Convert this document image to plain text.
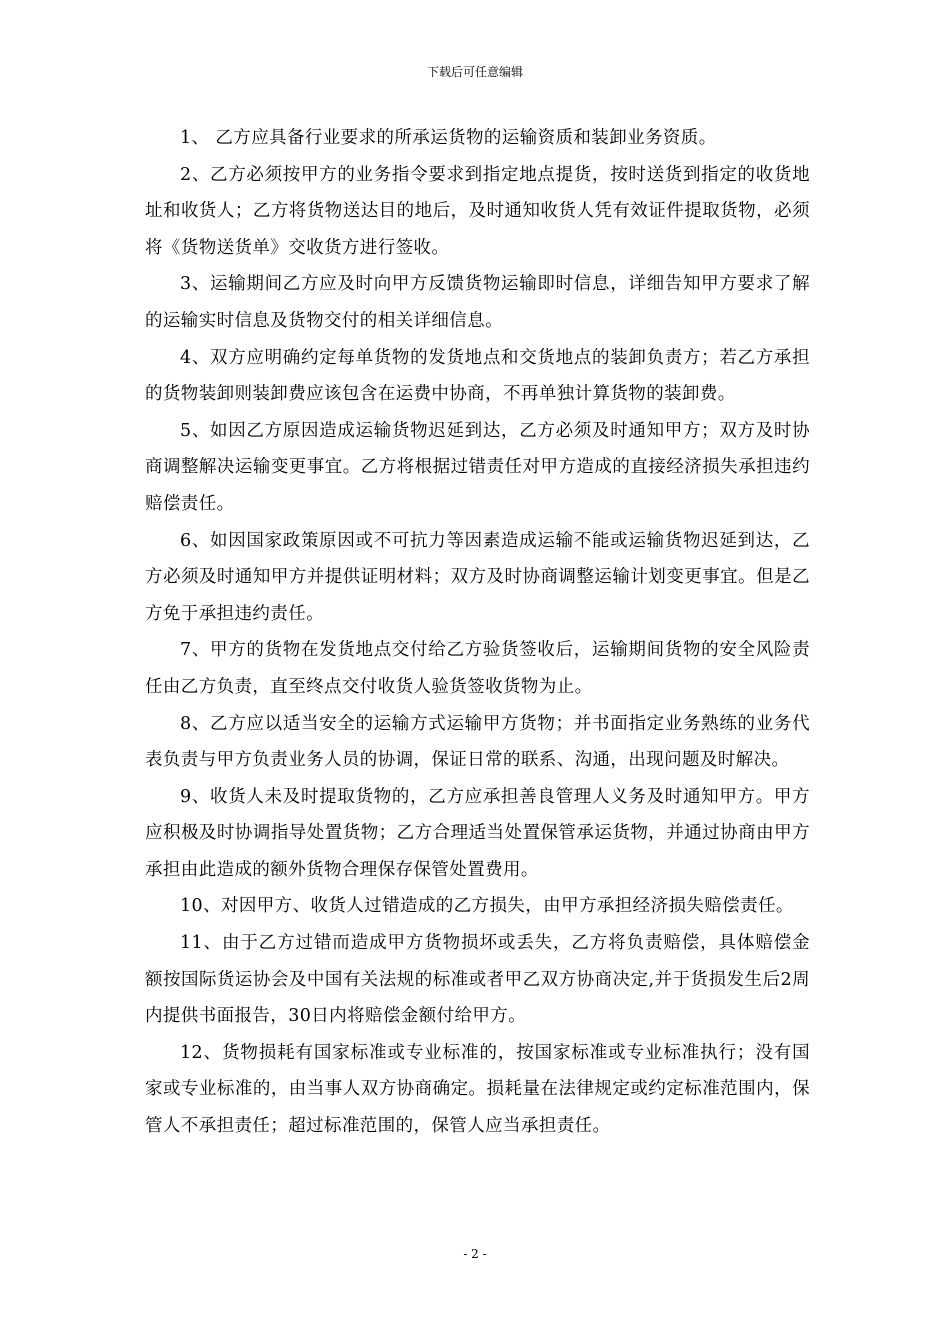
下载后可任意编辑

1、 乙方应具备行业要求的所承运货物的运输资质和装卸业务资质。

2、乙方必须按甲方的业务指令要求到指定地点提货，按时送货到指定的收货地址和收货人；乙方将货物送达目的地后，及时通知收货人凭有效证件提取货物，必须将《货物送货单》交收货方进行签收。

3、运输期间乙方应及时向甲方反馈货物运输即时信息，详细告知甲方要求了解的运输实时信息及货物交付的相关详细信息。

4、双方应明确约定每单货物的发货地点和交货地点的装卸负责方；若乙方承担的货物装卸则装卸费应该包含在运费中协商，不再单独计算货物的装卸费。

5、如因乙方原因造成运输货物迟延到达，乙方必须及时通知甲方；双方及时协商调整解决运输变更事宜。乙方将根据过错责任对甲方造成的直接经济损失承担违约赔偿责任。

6、如因国家政策原因或不可抗力等因素造成运输不能或运输货物迟延到达，乙方必须及时通知甲方并提供证明材料；双方及时协商调整运输计划变更事宜。但是乙方免于承担违约责任。

7、甲方的货物在发货地点交付给乙方验货签收后，运输期间货物的安全风险责任由乙方负责，直至终点交付收货人验货签收货物为止。

8、乙方应以适当安全的运输方式运输甲方货物；并书面指定业务熟练的业务代表负责与甲方负责业务人员的协调，保证日常的联系、沟通，出现问题及时解决。

9、收货人未及时提取货物的，乙方应承担善良管理人义务及时通知甲方。甲方应积极及时协调指导处置货物；乙方合理适当处置保管承运货物，并通过协商由甲方承担由此造成的额外货物合理保存保管处置费用。

10、对因甲方、收货人过错造成的乙方损失，由甲方承担经济损失赔偿责任。

11、由于乙方过错而造成甲方货物损坏或丢失，乙方将负责赔偿，具体赔偿金额按国际货运协会及中国有关法规的标准或者甲乙双方协商决定,并于货损发生后2周内提供书面报告，30日内将赔偿金额付给甲方。

12、货物损耗有国家标准或专业标准的，按国家标准或专业标准执行；没有国家或专业标准的，由当事人双方协商确定。损耗量在法律规定或约定标准范围内，保管人不承担责任；超过标准范围的，保管人应当承担责任。

- 2 -
